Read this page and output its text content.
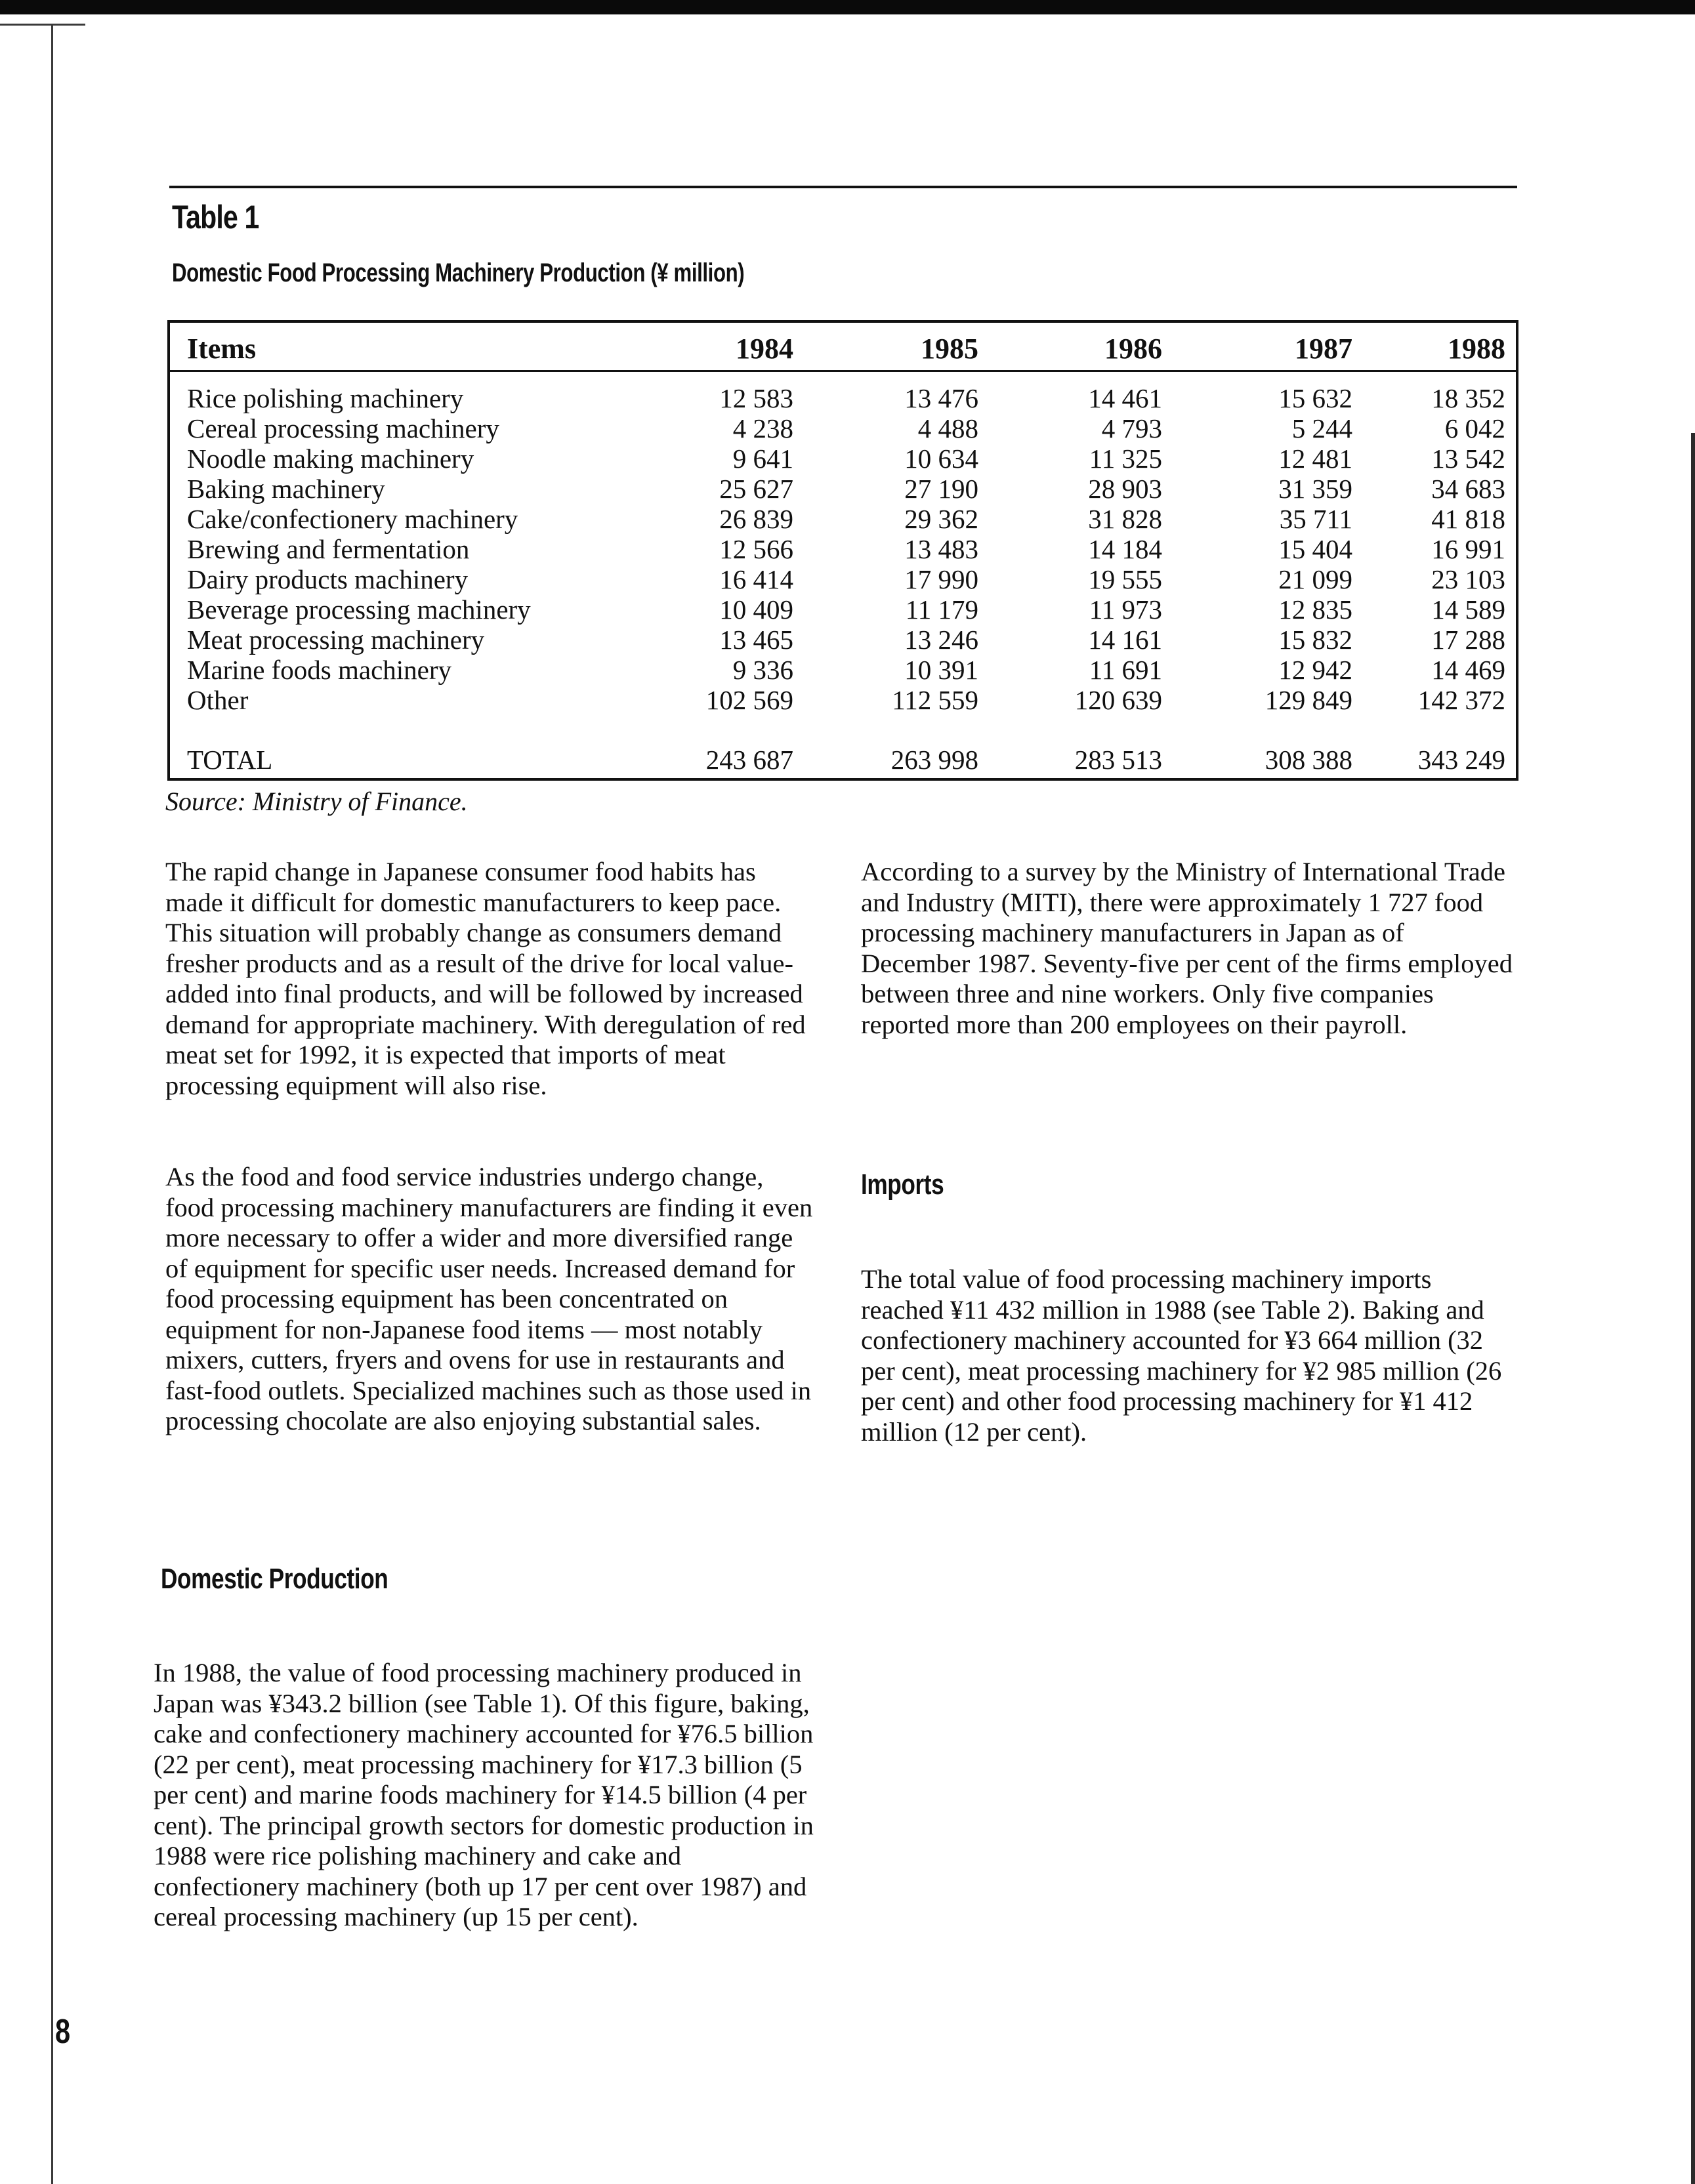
Table 1
Domestic Food Processing Machinery Production (¥ million)
Items	1984	1985	1986	1987	1988
Rice polishing machinery	12 583	13 476	14 461	15 632	18 352
Cereal processing machinery	4 238	4 488	4 793	5 244	6 042
Noodle making machinery	9 641	10 634	11 325	12 481	13 542
Baking machinery	25 627	27 190	28 903	31 359	34 683
Cake/confectionery machinery	26 839	29 362	31 828	35 711	41 818
Brewing and fermentation	12 566	13 483	14 184	15 404	16 991
Dairy products machinery	16 414	17 990	19 555	21 099	23 103
Beverage processing machinery	10 409	11 179	11 973	12 835	14 589
Meat processing machinery	13 465	13 246	14 161	15 832	17 288
Marine foods machinery	9 336	10 391	11 691	12 942	14 469
Other	102 569	112 559	120 639	129 849	142 372
TOTAL	243 687	263 998	283 513	308 388	343 249
Source: Ministry of Finance.

The rapid change in Japanese consumer food habits has made it difficult for domestic manufacturers to keep pace. This situation will probably change as consumers demand fresher products and as a result of the drive for local value-added into final products, and will be followed by increased demand for appropriate machinery. With deregulation of red meat set for 1992, it is expected that imports of meat processing equipment will also rise.

As the food and food service industries undergo change, food processing machinery manufacturers are finding it even more necessary to offer a wider and more diversified range of equipment for specific user needs. Increased demand for food processing equipment has been concentrated on equipment for non-Japanese food items — most notably mixers, cutters, fryers and ovens for use in restaurants and fast-food outlets. Specialized machines such as those used in processing chocolate are also enjoying substantial sales.

Domestic Production

In 1988, the value of food processing machinery produced in Japan was ¥343.2 billion (see Table 1). Of this figure, baking, cake and confectionery machinery accounted for ¥76.5 billion (22 per cent), meat processing machinery for ¥17.3 billion (5 per cent) and marine foods machinery for ¥14.5 billion (4 per cent). The principal growth sectors for domestic production in 1988 were rice polishing machinery and cake and confectionery machinery (both up 17 per cent over 1987) and cereal processing machinery (up 15 per cent).

According to a survey by the Ministry of International Trade and Industry (MITI), there were approximately 1 727 food processing machinery manufacturers in Japan as of December 1987. Seventy-five per cent of the firms employed between three and nine workers. Only five companies reported more than 200 employees on their payroll.

Imports

The total value of food processing machinery imports reached ¥11 432 million in 1988 (see Table 2). Baking and confectionery machinery accounted for ¥3 664 million (32 per cent), meat processing machinery for ¥2 985 million (26 per cent) and other food processing machinery for ¥1 412 million (12 per cent).

8
